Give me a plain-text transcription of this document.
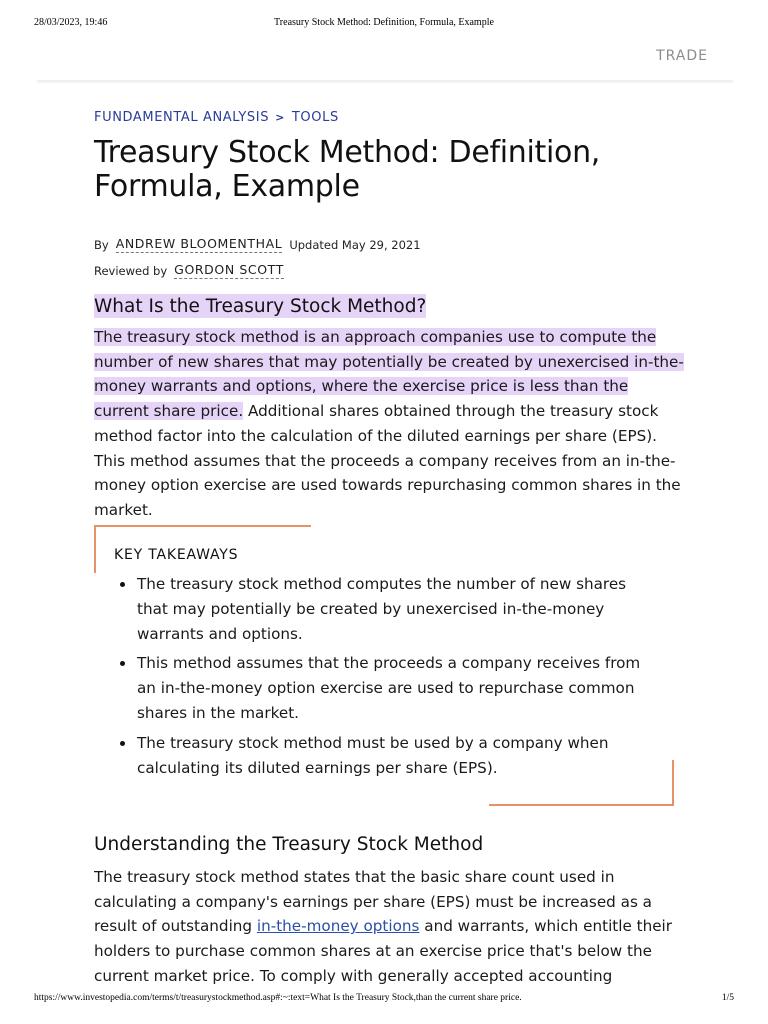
28/03/2023, 19:46	Treasury Stock Method: Definition, Formula, Example
TRADE
FUNDAMENTAL ANALYSIS > TOOLS
Treasury Stock Method: Definition, Formula, Example
By ANDREW BLOOMENTHAL Updated May 29, 2021
Reviewed by GORDON SCOTT
What Is the Treasury Stock Method?

The treasury stock method is an approach companies use to compute the number of new shares that may potentially be created by unexercised in-the-money warrants and options, where the exercise price is less than the current share price. Additional shares obtained through the treasury stock method factor into the calculation of the diluted earnings per share (EPS). This method assumes that the proceeds a company receives from an in-the-money option exercise are used towards repurchasing common shares in the market.

KEY TAKEAWAYS
The treasury stock method computes the number of new shares that may potentially be created by unexercised in-the-money warrants and options.
This method assumes that the proceeds a company receives from an in-the-money option exercise are used to repurchase common shares in the market.
The treasury stock method must be used by a company when calculating its diluted earnings per share (EPS).
Understanding the Treasury Stock Method

The treasury stock method states that the basic share count used in calculating a company's earnings per share (EPS) must be increased as a result of outstanding in-the-money options and warrants, which entitle their holders to purchase common shares at an exercise price that's below the current market price. To comply with generally accepted accounting

https://www.investopedia.com/terms/t/treasurystockmethod.asp#:~:text=What Is the Treasury Stock,than the current share price.	1/5
